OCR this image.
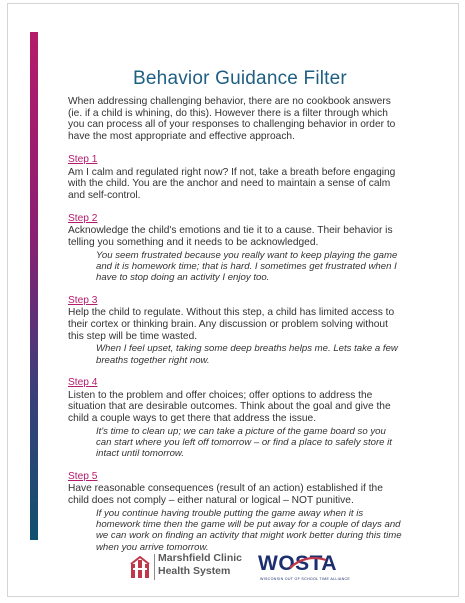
Behavior Guidance Filter

When addressing challenging behavior, there are no cookbook answers (ie. if a child is whining, do this). However there is a filter through which you can process all of your responses to challenging behavior in order to have the most appropriate and effective approach.

Step 1

Am I calm and regulated right now? If not, take a breath before engaging with the child. You are the anchor and need to maintain a sense of calm and self-control.

Step 2

Acknowledge the child's emotions and tie it to a cause. Their behavior is telling you something and it needs to be acknowledged.

You seem frustrated because you really want to keep playing the game and it is homework time; that is hard. I sometimes get frustrated when I have to stop doing an activity I enjoy too.

Step 3

Help the child to regulate. Without this step, a child has limited access to their cortex or thinking brain. Any discussion or problem solving without this step will be time wasted.

When I feel upset, taking some deep breaths helps me. Lets take a few breaths together right now.

Step 4

Listen to the problem and offer choices; offer options to address the situation that are desirable outcomes. Think about the goal and give the child a couple ways to get there that address the issue.

It's time to clean up; we can take a picture of the game board so you can start where you left off tomorrow – or find a place to safely store it intact until tomorrow.

Step 5

Have reasonable consequences (result of an action) established if the child does not comply – either natural or logical – NOT punitive.

If you continue having trouble putting the game away when it is homework time then the game will be put away for a couple of days and we can work on finding an activity that might work better during this time when you arrive tomorrow.

Marshfield Clinic
Health System	WOSTA
WISCONSIN OUT OF SCHOOL TIME ALLIANCE
